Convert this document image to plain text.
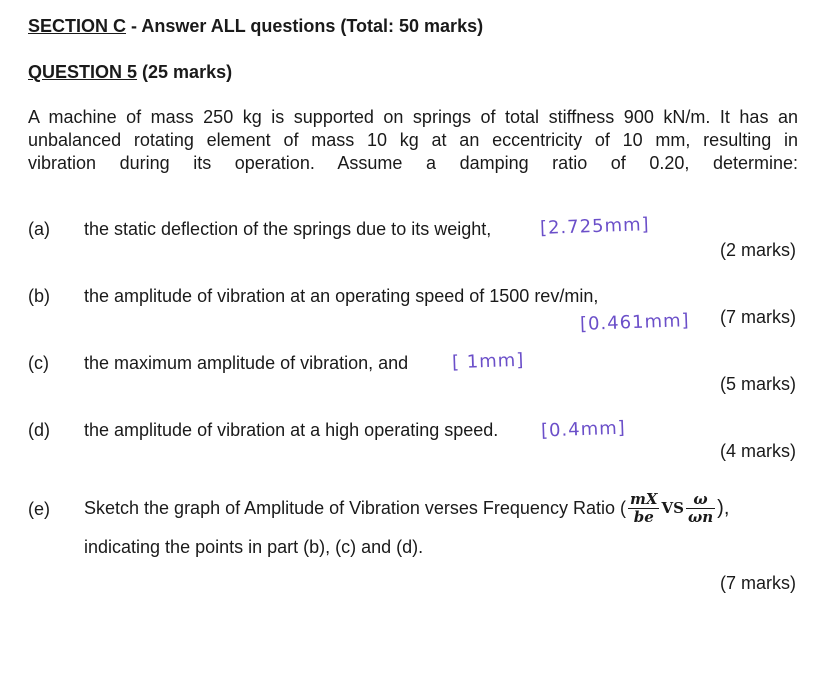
SECTION C - Answer ALL questions (Total: 50 marks)
QUESTION 5 (25 marks)
A machine of mass 250 kg is supported on springs of total stiffness 900 kN/m. It has an
unbalanced rotating element of mass 10 kg at an eccentricity of 10 mm, resulting in
vibration during its operation. Assume a damping ratio of 0.20, determine:
(a) the static deflection of the springs due to its weight,	[2.725mm]
(2 marks)
(b) the amplitude of vibration at an operating speed of 1500 rev/min,
[0.461mm] (7 marks)
(c) the maximum amplitude of vibration, and [ 1mm]
(5 marks)
(d) the amplitude of vibration at a high operating speed. [0.4mm]
(4 marks)
(e) Sketch the graph of Amplitude of Vibration verses Frequency Ratio ( $\frac{mX}{be}$ VS $\frac{\omega}{\omega n}$ ),
indicating the points in part (b), (c) and (d).
(7 marks)
